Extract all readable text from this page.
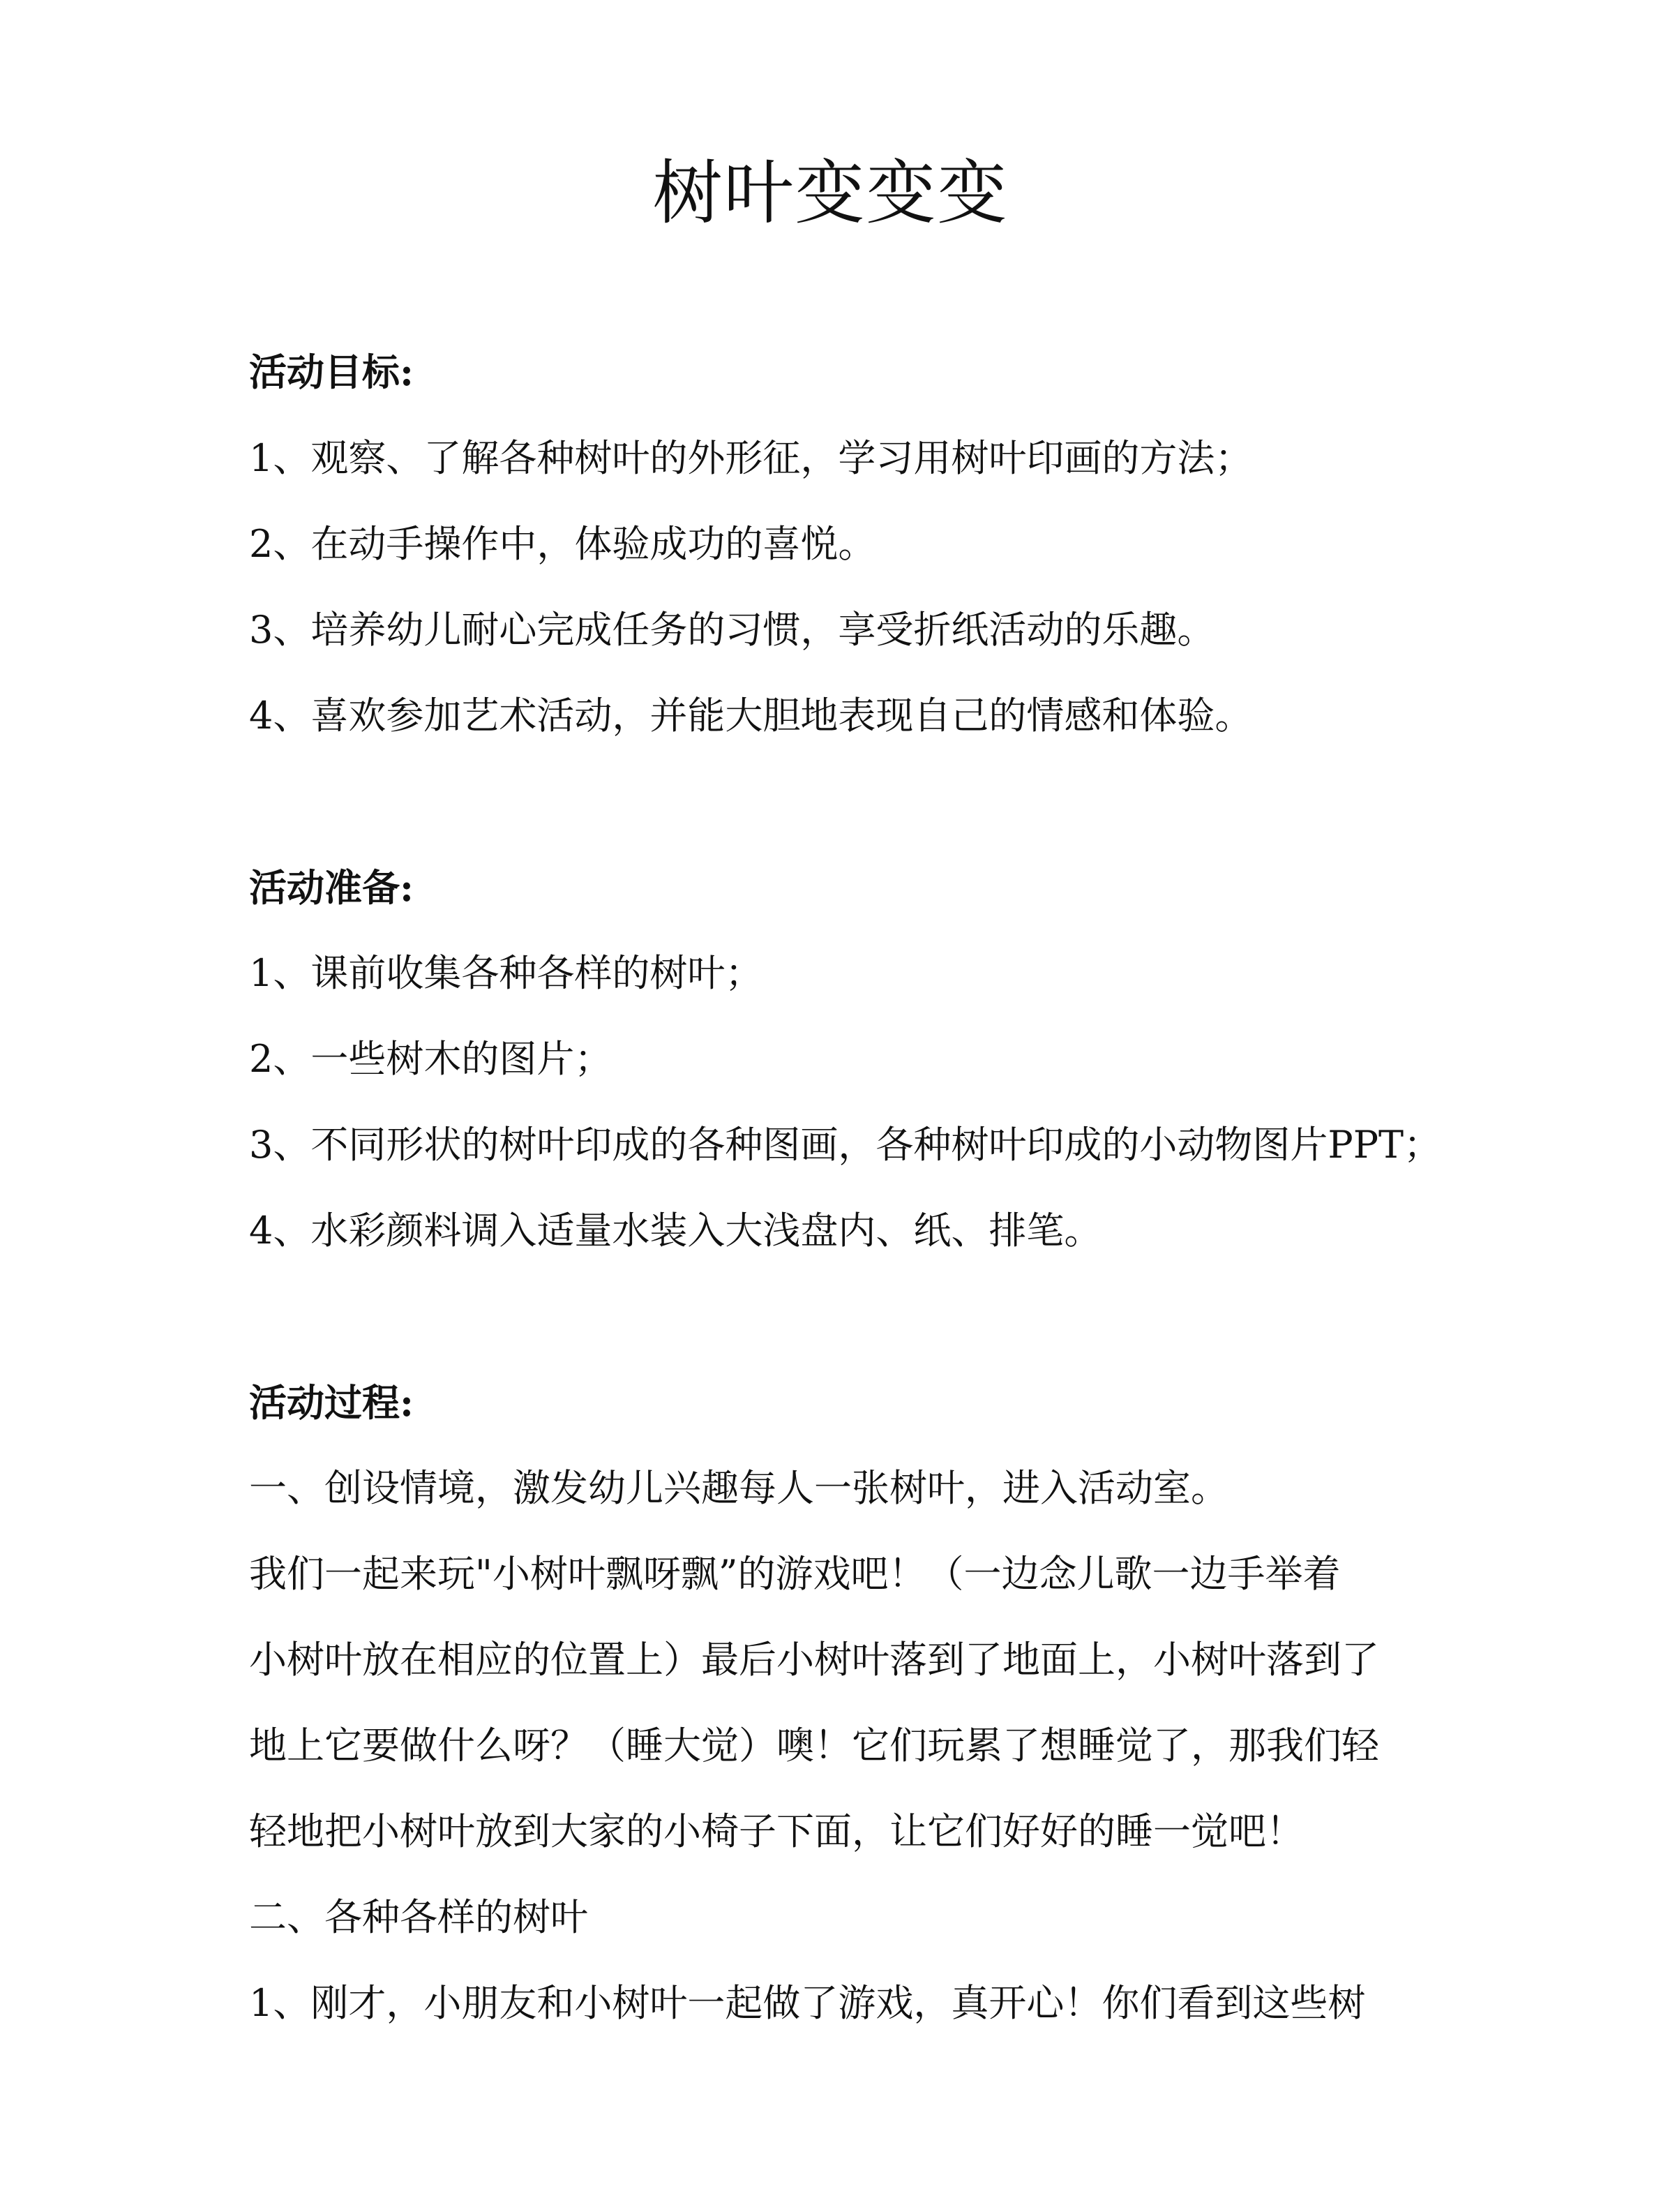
树叶变变变
活动目标:
1、观察、了解各种树叶的外形征，学习用树叶印画的方法；
2、在动手操作中，体验成功的喜悦。
3、培养幼儿耐心完成任务的习惯，享受折纸活动的乐趣。
4、喜欢参加艺术活动，并能大胆地表现自己的情感和体验。
活动准备:
1、课前收集各种各样的树叶；
2、一些树木的图片；
3、不同形状的树叶印成的各种图画，各种树叶印成的小动物图片PPT；
4、水彩颜料调入适量水装入大浅盘内、纸、排笔。
活动过程:
一、创设情境，激发幼儿兴趣每人一张树叶，进入活动室。
我们一起来玩"小树叶飘呀飘”的游戏吧！（一边念儿歌一边手举着
小树叶放在相应的位置上）最后小树叶落到了地面上，小树叶落到了
地上它要做什么呀？（睡大觉）噢！它们玩累了想睡觉了，那我们轻
轻地把小树叶放到大家的小椅子下面，让它们好好的睡一觉吧！
二、各种各样的树叶
1、刚才，小朋友和小树叶一起做了游戏，真开心！你们看到这些树
